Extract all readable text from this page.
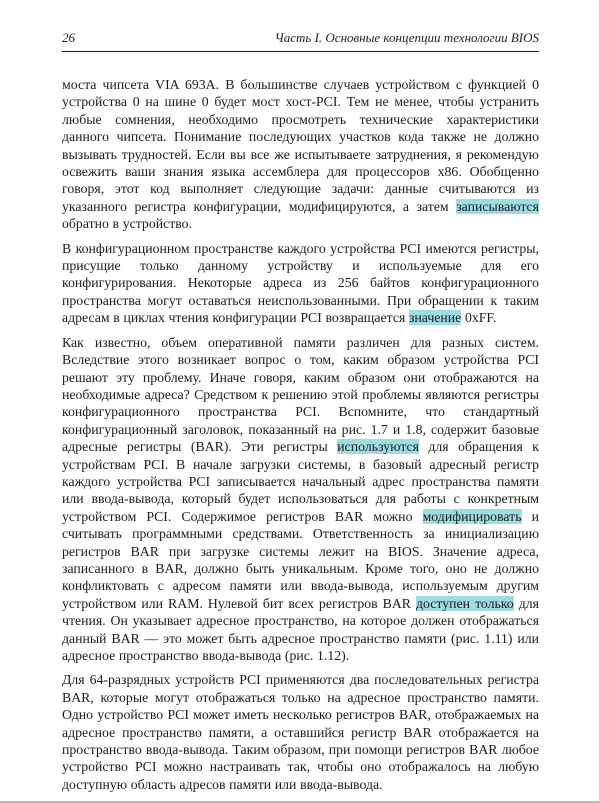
26	Часть I. Основные концепции технологии BIOS

моста чипсета VIA 693A. В большинстве случаев устройством с функцией 0 устройства 0 на шине 0 будет мост хост-PCI. Тем не менее, чтобы устранить любые сомнения, необходимо просмотреть технические характеристики данного чипсета. Понимание последующих участков кода также не должно вызывать трудностей. Если вы все же испытываете затруднения, я рекомендую освежить ваши знания языка ассемблера для процессоров x86. Обобщенно говоря, этот код выполняет следующие задачи: данные считываются из указанного регистра конфигурации, модифицируются, а затем записываются обратно в устройство.

В конфигурационном пространстве каждого устройства PCI имеются регистры, присущие только данному устройству и используемые для его конфигурирования. Некоторые адреса из 256 байтов конфигурационного пространства могут оставаться неиспользованными. При обращении к таким адресам в циклах чтения конфигурации PCI возвращается значение 0xFF.

Как известно, объем оперативной памяти различен для разных систем. Вследствие этого возникает вопрос о том, каким образом устройства PCI решают эту проблему. Иначе говоря, каким образом они отображаются на необходимые адреса? Средством к решению этой проблемы являются регистры конфигурационного пространства PCI. Вспомните, что стандартный конфигурационный заголовок, показанный на рис. 1.7 и 1.8, содержит базовые адресные регистры (BAR). Эти регистры используются для обращения к устройствам PCI. В начале загрузки системы, в базовый адресный регистр каждого устройства PCI записывается начальный адрес пространства памяти или ввода-вывода, который будет использоваться для работы с конкретным устройством PCI. Содержимое регистров BAR можно модифицировать и считывать программными средствами. Ответственность за инициализацию регистров BAR при загрузке системы лежит на BIOS. Значение адреса, записанного в BAR, должно быть уникальным. Кроме того, оно не должно конфликтовать с адресом памяти или ввода-вывода, используемым другим устройством или RAM. Нулевой бит всех регистров BAR доступен только для чтения. Он указывает адресное пространство, на которое должен отображаться данный BAR — это может быть адресное пространство памяти (рис. 1.11) или адресное пространство ввода-вывода (рис. 1.12).

Для 64-разрядных устройств PCI применяются два последовательных регистра BAR, которые могут отображаться только на адресное пространство памяти. Одно устройство PCI может иметь несколько регистров BAR, отображаемых на адресное пространство памяти, а оставшийся регистр BAR отображается на пространство ввода-вывода. Таким образом, при помощи регистров BAR любое устройство PCI можно настраивать так, чтобы оно отображалось на любую доступную область адресов памяти или ввода-вывода.
